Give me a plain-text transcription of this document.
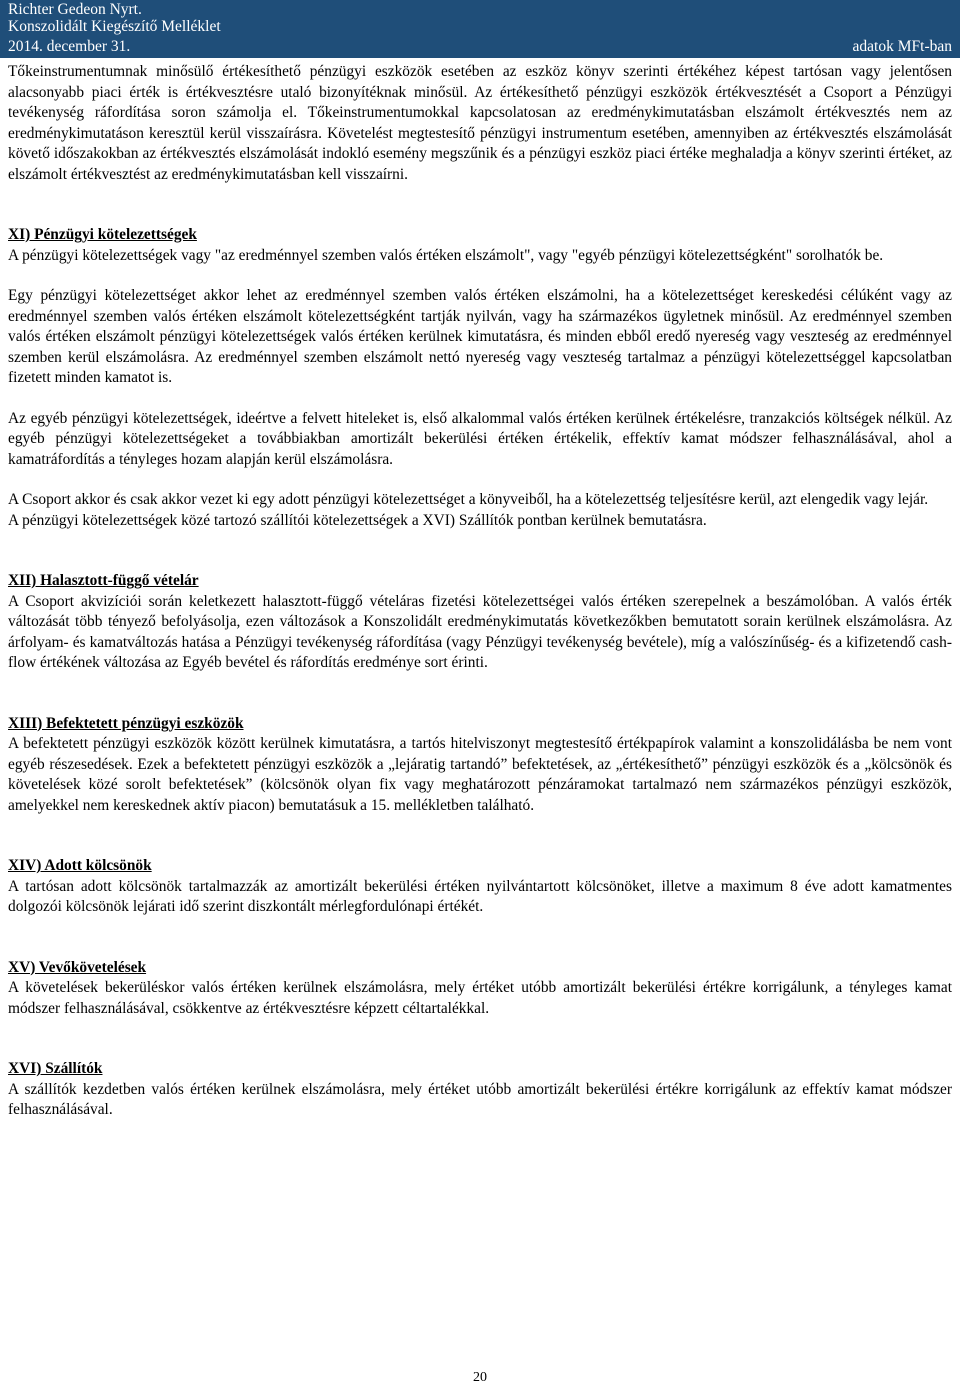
Richter Gedeon Nyrt.
Konszolidált Kiegészítő Melléklet
2014. december 31.	adatok MFt-ban

Tőkeinstrumentumnak minősülő értékesíthető pénzügyi eszközök esetében az eszköz könyv szerinti értékéhez képest tartósan vagy jelentősen alacsonyabb piaci érték is értékvesztésre utaló bizonyítéknak minősül. Az értékesíthető pénzügyi eszközök értékvesztését a Csoport a Pénzügyi tevékenység ráfordítása soron számolja el. Tőkeinstrumentumokkal kapcsolatosan az eredménykimutatásban elszámolt értékvesztés nem az eredménykimutatáson keresztül kerül visszaírásra. Követelést megtestesítő pénzügyi instrumentum esetében, amennyiben az értékvesztés elszámolását követő időszakokban az értékvesztés elszámolását indokló esemény megszűnik és a pénzügyi eszköz piaci értéke meghaladja a könyv szerinti értéket, az elszámolt értékvesztést az eredménykimutatásban kell visszaírni.

XI) Pénzügyi kötelezettségek

A pénzügyi kötelezettségek vagy "az eredménnyel szemben valós értéken elszámolt", vagy "egyéb pénzügyi kötelezettségként" sorolhatók be.

Egy pénzügyi kötelezettséget akkor lehet az eredménnyel szemben valós értéken elszámolni, ha a kötelezettséget kereskedési célúként vagy az eredménnyel szemben valós értéken elszámolt kötelezettségként tartják nyilván, vagy ha származékos ügyletnek minősül. Az eredménnyel szemben valós értéken elszámolt pénzügyi kötelezettségek valós értéken kerülnek kimutatásra, és minden ebből eredő nyereség vagy veszteség az eredménnyel szemben kerül elszámolásra. Az eredménnyel szemben elszámolt nettó nyereség vagy veszteség tartalmaz a pénzügyi kötelezettséggel kapcsolatban fizetett minden kamatot is.

Az egyéb pénzügyi kötelezettségek, ideértve a felvett hiteleket is, első alkalommal valós értéken kerülnek értékelésre, tranzakciós költségek nélkül. Az egyéb pénzügyi kötelezettségeket a továbbiakban amortizált bekerülési értéken értékelik, effektív kamat módszer felhasználásával, ahol a kamatráfordítás a tényleges hozam alapján kerül elszámolásra.

A Csoport akkor és csak akkor vezet ki egy adott pénzügyi kötelezettséget a könyveiből, ha a kötelezettség teljesítésre kerül, azt elengedik vagy lejár.

A pénzügyi kötelezettségek közé tartozó szállítói kötelezettségek a XVI) Szállítók pontban kerülnek bemutatásra.

XII) Halasztott-függő vételár

A Csoport akvizíciói során keletkezett halasztott-függő vételáras fizetési kötelezettségei valós értéken szerepelnek a beszámolóban. A valós érték változását több tényező befolyásolja, ezen változások a Konszolidált eredménykimutatás következőkben bemutatott sorain kerülnek elszámolásra. Az árfolyam- és kamatváltozás hatása a Pénzügyi tevékenység ráfordítása (vagy Pénzügyi tevékenység bevétele), míg a valószínűség- és a kifizetendő cash-flow értékének változása az Egyéb bevétel és ráfordítás eredménye sort érinti.

XIII) Befektetett pénzügyi eszközök

A befektetett pénzügyi eszközök között kerülnek kimutatásra, a tartós hitelviszonyt megtestesítő értékpapírok valamint a konszolidálásba be nem vont egyéb részesedések. Ezek a befektetett pénzügyi eszközök a „lejáratig tartandó” befektetések, az „értékesíthető” pénzügyi eszközök és a „kölcsönök és követelések közé sorolt befektetések” (kölcsönök olyan fix vagy meghatározott pénzáramokat tartalmazó nem származékos pénzügyi eszközök, amelyekkel nem kereskednek aktív piacon) bemutatásuk a 15. mellékletben található.

XIV) Adott kölcsönök

A tartósan adott kölcsönök tartalmazzák az amortizált bekerülési értéken nyilvántartott kölcsönöket, illetve a maximum 8 éve adott kamatmentes dolgozói kölcsönök lejárati idő szerint diszkontált mérlegfordulónapi értékét.

XV) Vevőkövetelések

A követelések bekerüléskor valós értéken kerülnek elszámolásra, mely értéket utóbb amortizált bekerülési értékre korrigálunk, a tényleges kamat módszer felhasználásával, csökkentve az értékvesztésre képzett céltartalékkal.

XVI) Szállítók

A szállítók kezdetben valós értéken kerülnek elszámolásra, mely értéket utóbb amortizált bekerülési értékre korrigálunk az effektív kamat módszer felhasználásával.

20
